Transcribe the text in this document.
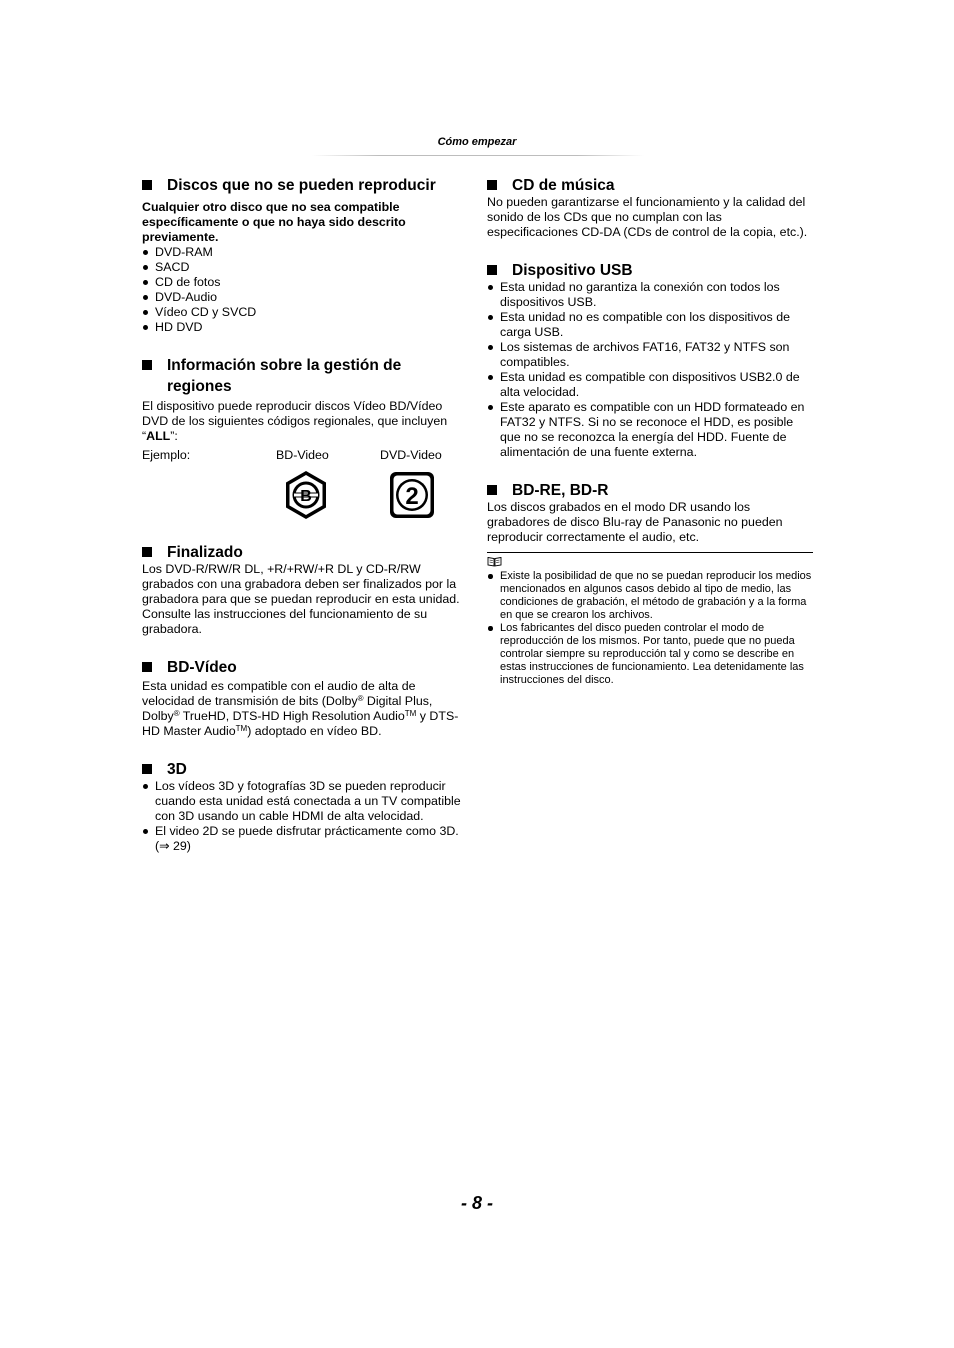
Cómo empezar
Discos que no se pueden reproducir

Cualquier otro disco que no sea compatible específicamente o que no haya sido descrito previamente.

DVD-RAM
SACD
CD de fotos
DVD-Audio
Vídeo CD y SVCD
HD DVD
Información sobre la gestión de regiones

El dispositivo puede reproducir discos Vídeo BD/Vídeo DVD de los siguientes códigos regionales, que incluyen “ALL”:

Ejemplo:	BD-Video	DVD-Video
B	2
Finalizado

Los DVD-R/RW/R DL, +R/+RW/+R DL y CD-R/RW grabados con una grabadora deben ser finalizados por la grabadora para que se puedan reproducir en esta unidad. Consulte las instrucciones del funcionamiento de su grabadora.

BD-Vídeo

Esta unidad es compatible con el audio de alta de velocidad de transmisión de bits (Dolby® Digital Plus, Dolby® TrueHD, DTS-HD High Resolution Audio™ y DTS-HD Master Audio™) adoptado en vídeo BD.

3D
Los vídeos 3D y fotografías 3D se pueden reproducir cuando esta unidad está conectada a un TV compatible con 3D usando un cable HDMI de alta velocidad.
El video 2D se puede disfrutar prácticamente como 3D. (⇒ 29)
CD de música

No pueden garantizarse el funcionamiento y la calidad del sonido de los CDs que no cumplan con las especificaciones CD-DA (CDs de control de la copia, etc.).

Dispositivo USB
Esta unidad no garantiza la conexión con todos los dispositivos USB.
Esta unidad no es compatible con los dispositivos de carga USB.
Los sistemas de archivos FAT16, FAT32 y NTFS son compatibles.
Esta unidad es compatible con dispositivos USB2.0 de alta velocidad.
Este aparato es compatible con un HDD formateado en FAT32 y NTFS. Si no se reconoce el HDD, es posible que no se reconozca la energía del HDD. Fuente de alimentación de una fuente externa.
BD-RE, BD-R

Los discos grabados en el modo DR usando los grabadores de disco Blu-ray de Panasonic no pueden reproducir correctamente el audio, etc.

Existe la posibilidad de que no se puedan reproducir los medios mencionados en algunos casos debido al tipo de medio, las condiciones de grabación, el método de grabación y a la forma en que se crearon los archivos.
Los fabricantes del disco pueden controlar el modo de reproducción de los mismos. Por tanto, puede que no pueda controlar siempre su reproducción tal y como se describe en estas instrucciones de funcionamiento. Lea detenidamente las instrucciones del disco.
- 8 -
